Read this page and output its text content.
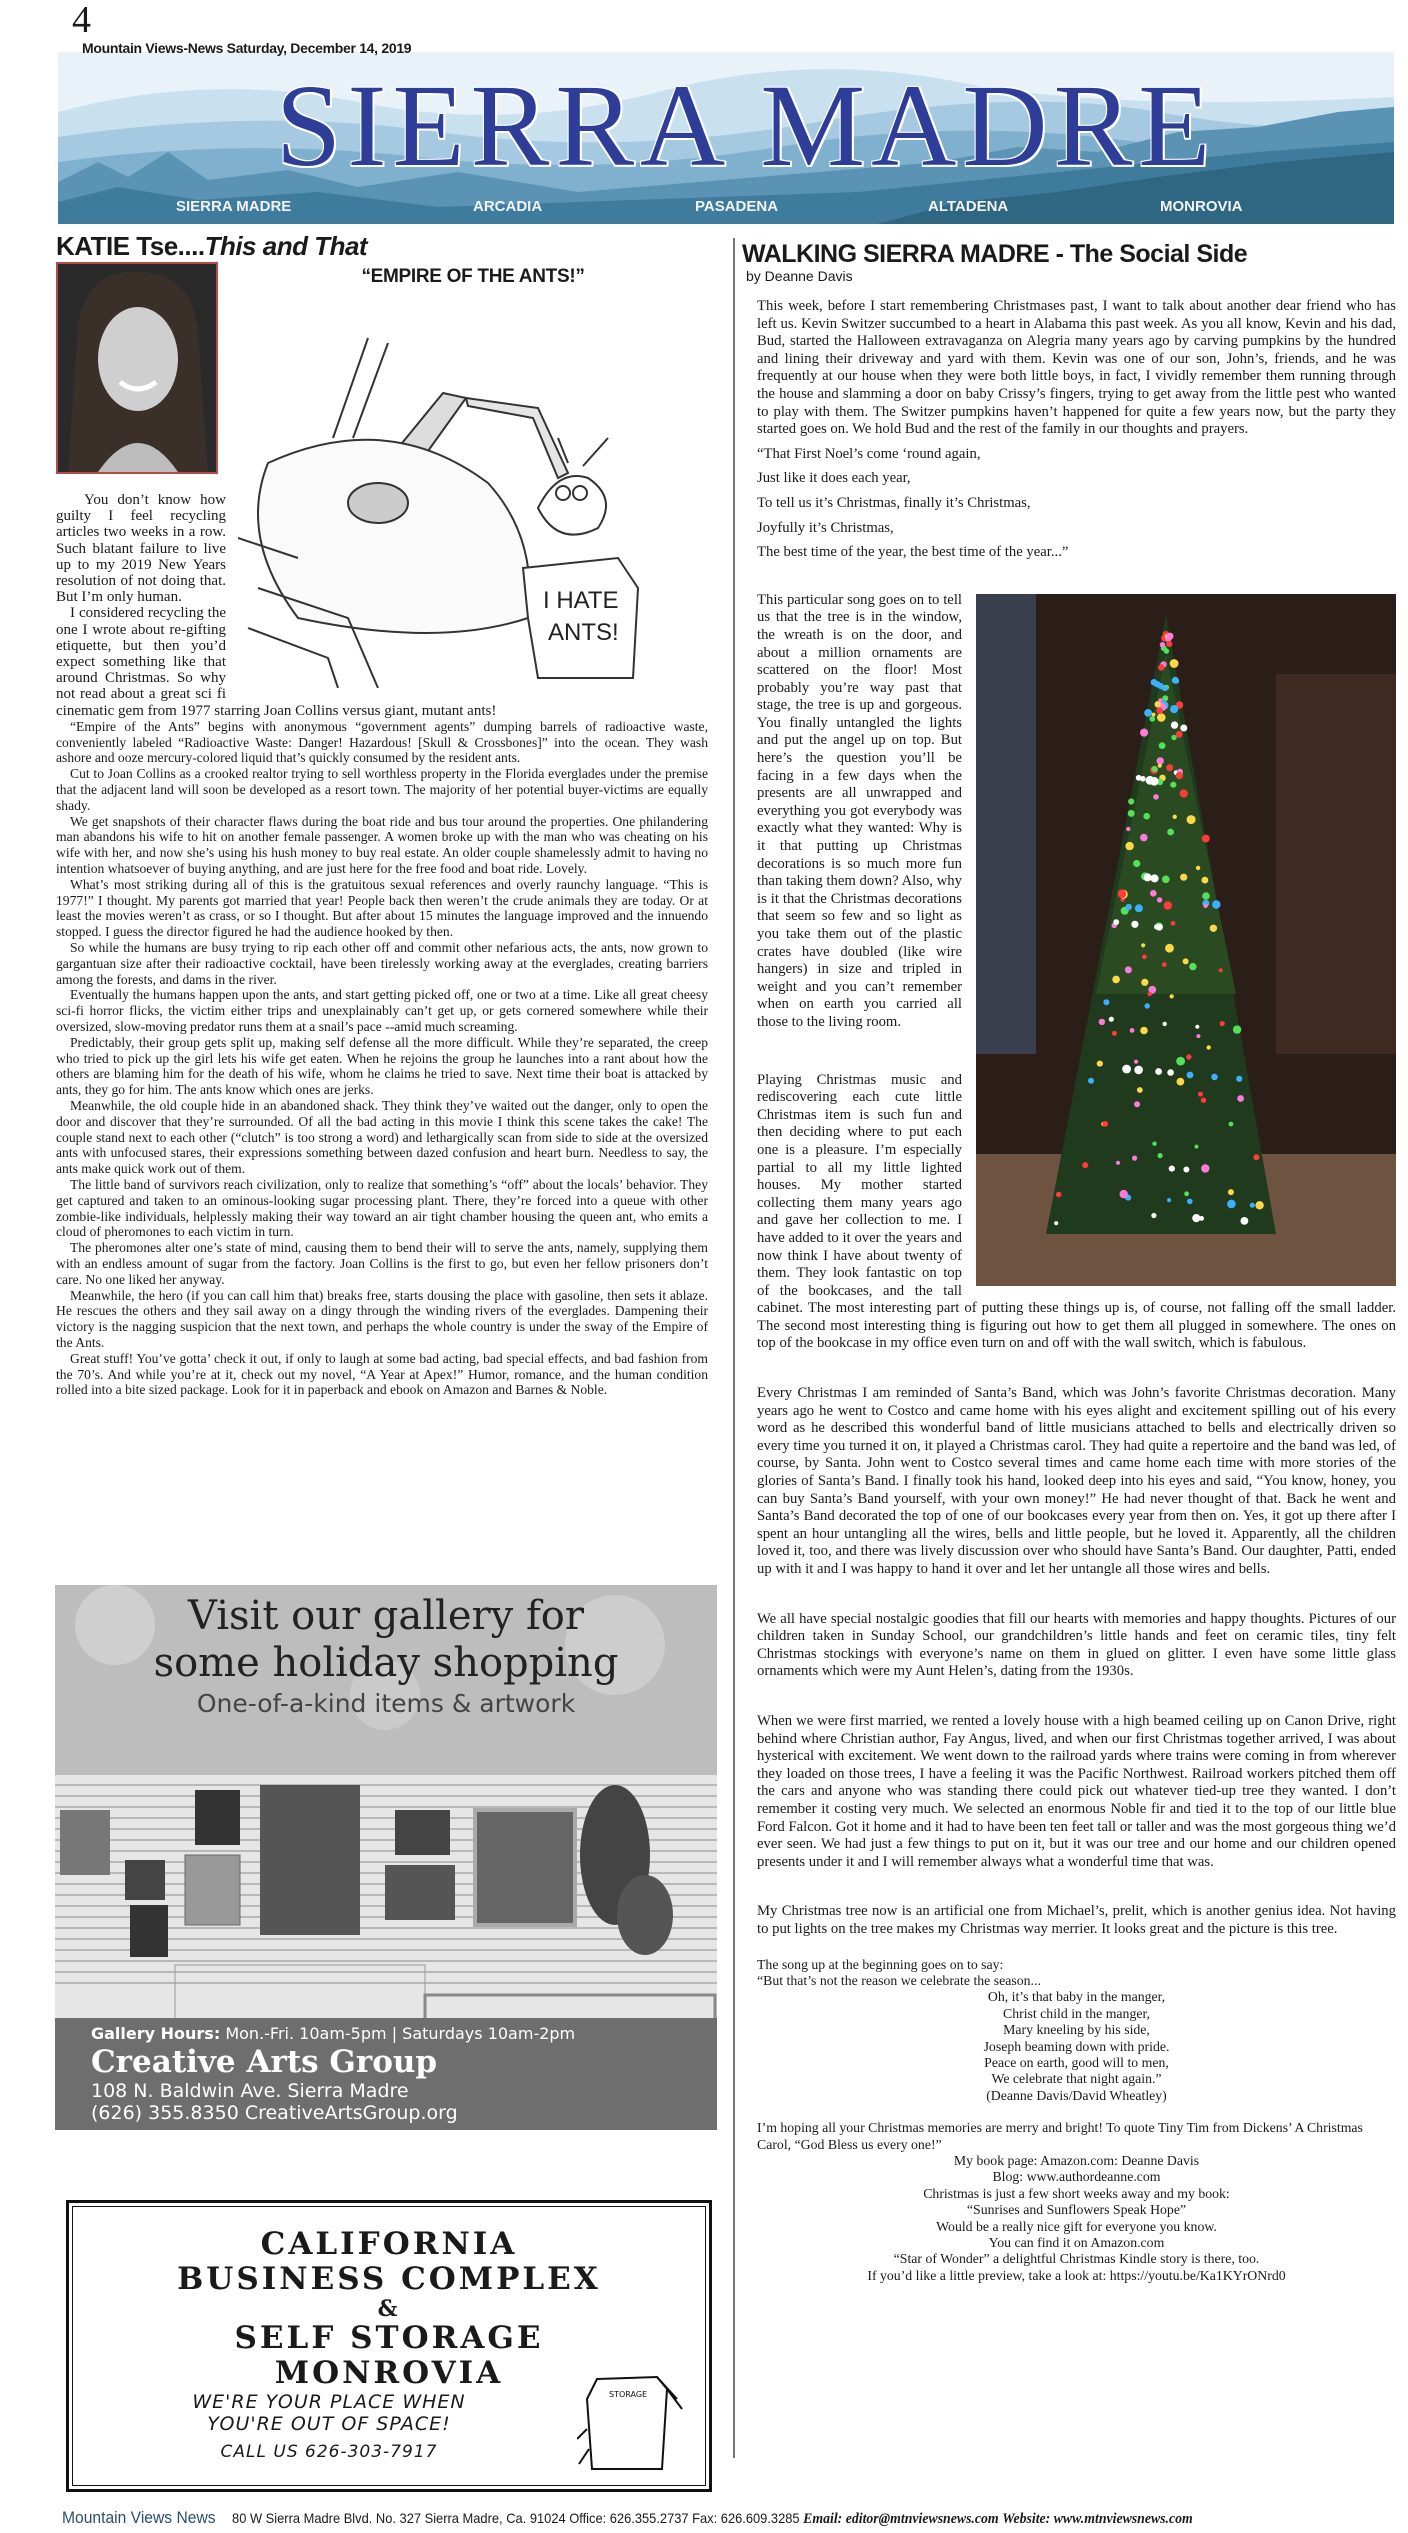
4
Mountain Views-News Saturday, December 14, 2019
SIERRA MADRE
SIERRA MADRE	ARCADIA	PASADENA	ALTADENA	MONROVIA
KATIE Tse....This and That
“EMPIRE OF THE ANTS!”
I HATE
ANTS!

You don’t know how guilty I feel recycling articles two weeks in a row. Such blatant failure to live up to my 2019 New Years resolution of not doing that. But I’m only human.

I considered recycling the one I wrote about re-gifting etiquette, but then you’d expect something like that around Christmas. So why not read about a great sci fi cinematic gem from 1977 starring Joan Collins versus giant, mutant ants!

“Empire of the Ants” begins with anonymous “government agents” dumping barrels of radioactive waste, conveniently labeled “Radioactive Waste: Danger! Hazardous! [Skull & Crossbones]” into the ocean. They wash ashore and ooze mercury-colored liquid that’s quickly consumed by the resident ants.

Cut to Joan Collins as a crooked realtor trying to sell worthless property in the Florida everglades under the premise that the adjacent land will soon be developed as a resort town. The majority of her potential buyer-victims are equally shady.

We get snapshots of their character flaws during the boat ride and bus tour around the properties. One philandering man abandons his wife to hit on another female passenger. A women broke up with the man who was cheating on his wife with her, and now she’s using his hush money to buy real estate. An older couple shamelessly admit to having no intention whatsoever of buying anything, and are just here for the free food and boat ride. Lovely.

What’s most striking during all of this is the gratuitous sexual references and overly raunchy language. “This is 1977!” I thought. My parents got married that year! People back then weren’t the crude animals they are today. Or at least the movies weren’t as crass, or so I thought. But after about 15 minutes the language improved and the innuendo stopped. I guess the director figured he had the audience hooked by then.

So while the humans are busy trying to rip each other off and commit other nefarious acts, the ants, now grown to gargantuan size after their radioactive cocktail, have been tirelessly working away at the everglades, creating barriers among the forests, and dams in the river.

Eventually the humans happen upon the ants, and start getting picked off, one or two at a time. Like all great cheesy sci-fi horror flicks, the victim either trips and unexplainably can’t get up, or gets cornered somewhere while their oversized, slow-moving predator runs them at a snail’s pace --amid much screaming.

Predictably, their group gets split up, making self defense all the more difficult. While they’re separated, the creep who tried to pick up the girl lets his wife get eaten. When he rejoins the group he launches into a rant about how the others are blaming him for the death of his wife, whom he claims he tried to save. Next time their boat is attacked by ants, they go for him. The ants know which ones are jerks.

Meanwhile, the old couple hide in an abandoned shack. They think they’ve waited out the danger, only to open the door and discover that they’re surrounded. Of all the bad acting in this movie I think this scene takes the cake! The couple stand next to each other (“clutch” is too strong a word) and lethargically scan from side to side at the oversized ants with unfocused stares, their expressions something between dazed confusion and heart burn. Needless to say, the ants make quick work out of them.

The little band of survivors reach civilization, only to realize that something’s “off” about the locals’ behavior. They get captured and taken to an ominous-looking sugar processing plant. There, they’re forced into a queue with other zombie-like individuals, helplessly making their way toward an air tight chamber housing the queen ant, who emits a cloud of pheromones to each victim in turn.

The pheromones alter one’s state of mind, causing them to bend their will to serve the ants, namely, supplying them with an endless amount of sugar from the factory. Joan Collins is the first to go, but even her fellow prisoners don’t care. No one liked her anyway.

Meanwhile, the hero (if you can call him that) breaks free, starts dousing the place with gasoline, then sets it ablaze. He rescues the others and they sail away on a dingy through the winding rivers of the everglades. Dampening their victory is the nagging suspicion that the next town, and perhaps the whole country is under the sway of the Empire of the Ants.

Great stuff! You’ve gotta’ check it out, if only to laugh at some bad acting, bad special effects, and bad fashion from the 70’s. And while you’re at it, check out my novel, “A Year at Apex!” Humor, romance, and the human condition rolled into a bite sized package. Look for it in paperback and ebook on Amazon and Barnes & Noble.

Visit our gallery for
some holiday shopping
One-of-a-kind items & artwork
Gallery Hours: Mon.-Fri. 10am-5pm | Saturdays 10am-2pm
Creative Arts Group
108 N. Baldwin Ave. Sierra Madre
(626) 355.8350 CreativeArtsGroup.org
CALIFORNIA
BUSINESS COMPLEX
&
SELF STORAGE
MONROVIA
WE'RE YOUR PLACE WHEN
YOU'RE OUT OF SPACE!
CALL US 626-303-7917
STORAGE
WALKING SIERRA MADRE - The Social Side
by Deanne Davis

This week, before I start remembering Christmases past, I want to talk about another dear friend who has left us. Kevin Switzer succumbed to a heart in Alabama this past week. As you all know, Kevin and his dad, Bud, started the Halloween extravaganza on Alegria many years ago by carving pumpkins by the hundred and lining their driveway and yard with them. Kevin was one of our son, John’s, friends, and he was frequently at our house when they were both little boys, in fact, I vividly remember them running through the house and slamming a door on baby Crissy’s fingers, trying to get away from the little pest who wanted to play with them. The Switzer pumpkins haven’t happened for quite a few years now, but the party they started goes on. We hold Bud and the rest of the family in our thoughts and prayers.

“That First Noel’s come ‘round again,

Just like it does each year,

To tell us it’s Christmas, finally it’s Christmas,

Joyfully it’s Christmas,

The best time of the year, the best time of the year...”

This particular song goes on to tell us that the tree is in the window, the wreath is on the door, and about a million ornaments are scattered on the floor! Most probably you’re way past that stage, the tree is up and gorgeous. You finally untangled the lights and put the angel up on top. But here’s the question you’ll be facing in a few days when the presents are all unwrapped and everything you got everybody was exactly what they wanted: Why is it that putting up Christmas decorations is so much more fun than taking them down? Also, why is it that the Christmas decorations that seem so few and so light as you take them out of the plastic crates have doubled (like wire hangers) in size and tripled in weight and you can’t remember when on earth you carried all those to the living room.

Playing Christmas music and rediscovering each cute little Christmas item is such fun and then deciding where to put each one is a pleasure. I’m especially partial to all my little lighted houses. My mother started collecting them many years ago and gave her collection to me. I have added to it over the years and now think I have about twenty of them. They look fantastic on top of the bookcases, and the tall cabinet. The most interesting part of putting these things up is, of course, not falling off the small ladder. The second most interesting thing is figuring out how to get them all plugged in somewhere. The ones on top of the bookcase in my office even turn on and off with the wall switch, which is fabulous.

Every Christmas I am reminded of Santa’s Band, which was John’s favorite Christmas decoration. Many years ago he went to Costco and came home with his eyes alight and excitement spilling out of his every word as he described this wonderful band of little musicians attached to bells and electrically driven so every time you turned it on, it played a Christmas carol. They had quite a repertoire and the band was led, of course, by Santa. John went to Costco several times and came home each time with more stories of the glories of Santa’s Band. I finally took his hand, looked deep into his eyes and said, “You know, honey, you can buy Santa’s Band yourself, with your own money!” He had never thought of that. Back he went and Santa’s Band decorated the top of one of our bookcases every year from then on. Yes, it got up there after I spent an hour untangling all the wires, bells and little people, but he loved it. Apparently, all the children loved it, too, and there was lively discussion over who should have Santa’s Band. Our daughter, Patti, ended up with it and I was happy to hand it over and let her untangle all those wires and bells.

We all have special nostalgic goodies that fill our hearts with memories and happy thoughts. Pictures of our children taken in Sunday School, our grandchildren’s little hands and feet on ceramic tiles, tiny felt Christmas stockings with everyone’s name on them in glued on glitter. I even have some little glass ornaments which were my Aunt Helen’s, dating from the 1930s.

When we were first married, we rented a lovely house with a high beamed ceiling up on Canon Drive, right behind where Christian author, Fay Angus, lived, and when our first Christmas together arrived, I was about hysterical with excitement. We went down to the railroad yards where trains were coming in from wherever they loaded on those trees, I have a feeling it was the Pacific Northwest. Railroad workers pitched them off the cars and anyone who was standing there could pick out whatever tied-up tree they wanted. I don’t remember it costing very much. We selected an enormous Noble fir and tied it to the top of our little blue Ford Falcon. Got it home and it had to have been ten feet tall or taller and was the most gorgeous thing we’d ever seen. We had just a few things to put on it, but it was our tree and our home and our children opened presents under it and I will remember always what a wonderful time that was.

My Christmas tree now is an artificial one from Michael’s, prelit, which is another genius idea. Not having to put lights on the tree makes my Christmas way merrier. It looks great and the picture is this tree.

The song up at the beginning goes on to say:

“But that’s not the reason we celebrate the season...

Oh, it’s that baby in the manger,

Christ child in the manger,

Mary kneeling by his side,

Joseph beaming down with pride.

Peace on earth, good will to men,

We celebrate that night again.”

(Deanne Davis/David Wheatley)

I’m hoping all your Christmas memories are merry and bright! To quote Tiny Tim from Dickens’ A Christmas Carol, “God Bless us every one!”

My book page: Amazon.com: Deanne Davis

Blog: www.authordeanne.com

Christmas is just a few short weeks away and my book:

“Sunrises and Sunflowers Speak Hope”

Would be a really nice gift for everyone you know.

You can find it on Amazon.com

“Star of Wonder” a delightful Christmas Kindle story is there, too.

If you’d like a little preview, take a look at: https://youtu.be/Ka1KYrONrd0

Mountain Views News 80 W Sierra Madre Blvd. No. 327 Sierra Madre, Ca. 91024 Office: 626.355.2737 Fax: 626.609.3285 Email: editor@mtnviewsnews.com Website: www.mtnviewsnews.com
